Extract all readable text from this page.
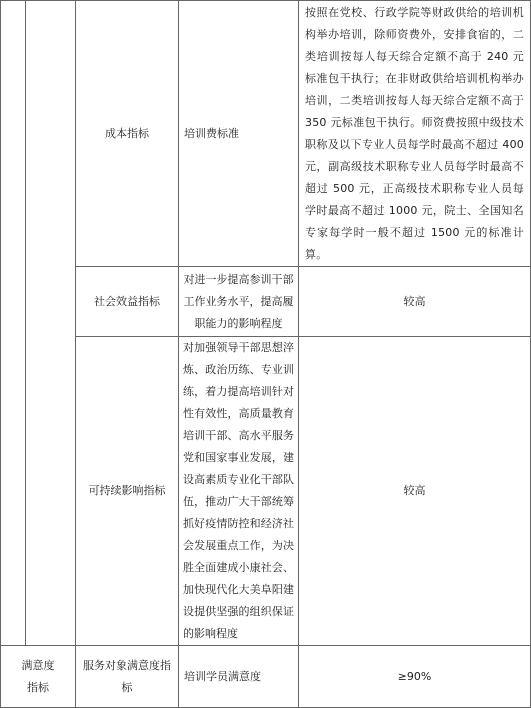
		成本指标	培训费标准	按照在党校、行政学院等财政供给的培训机构举办培训，除师资费外，安排食宿的，二类培训按每人每天综合定额不高于 240 元标准包干执行；在非财政供给培训机构举办培训，二类培训按每人每天综合定额不高于 350 元标准包干执行。师资费按照中级技术职称及以下专业人员每学时最高不超过 400 元，副高级技术职称专业人员每学时最高不超过 500 元，正高级技术职称专业人员每学时最高不超过 1000 元，院士、全国知名专家每学时一般不超过 1500 元的标准计算。

		社会效益指标	对进一步提高参训干部工作业务水平，提高履职能力的影响程度	较高
		可持续影响指标	对加强领导干部思想淬炼、政治历练、专业训练，着力提高培训针对性有效性，高质量教育培训干部、高水平服务党和国家事业发展，建设高素质专业化干部队伍，推动广大干部统筹抓好疫情防控和经济社会发展重点工作，为决胜全面建成小康社会、加快现代化大美阜阳建设提供坚强的组织保证的影响程度	较高

满意度指标		服务对象满意度指标	培训学员满意度	≥90%
